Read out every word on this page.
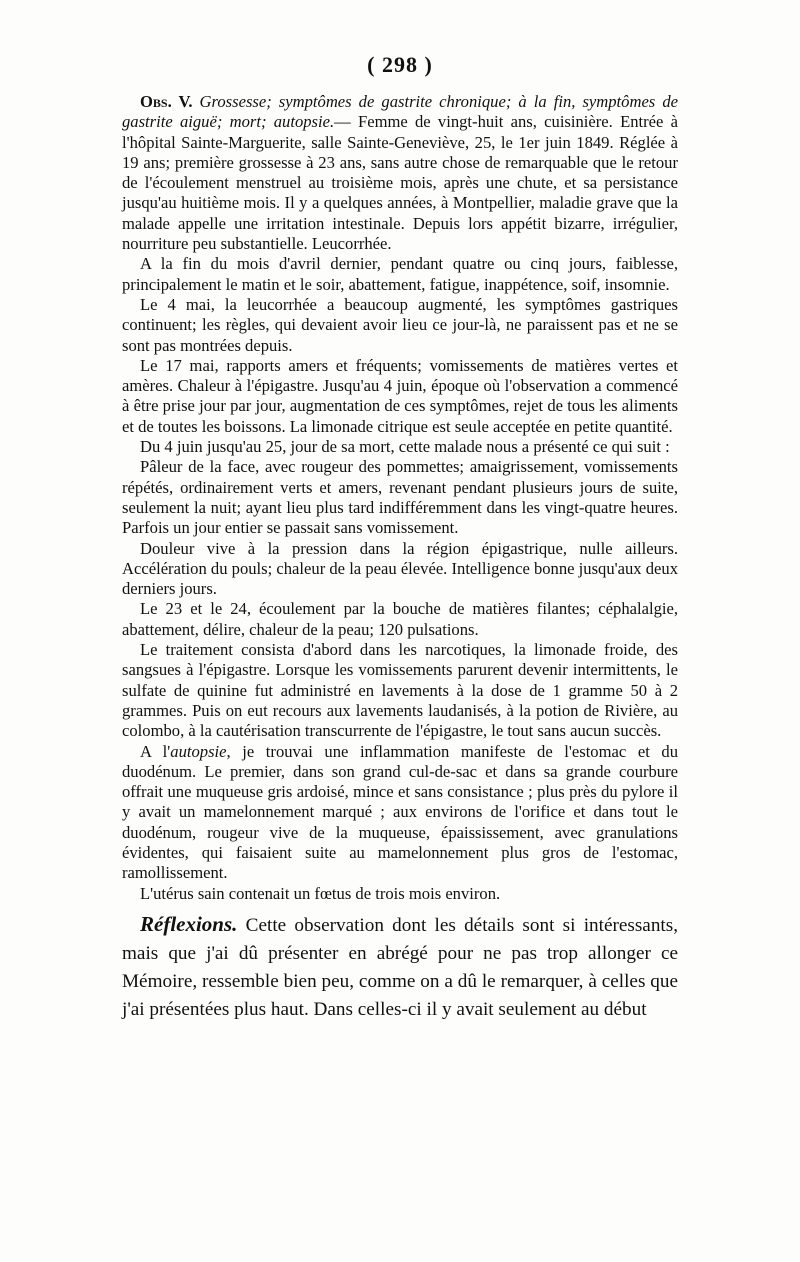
( 298 )

Obs. V. Grossesse; symptômes de gastrite chronique; à la fin, symptômes de gastrite aiguë; mort; autopsie.— Femme de vingt-huit ans, cuisinière. Entrée à l'hôpital Sainte-Marguerite, salle Sainte-Geneviève, 25, le 1er juin 1849. Réglée à 19 ans; première grossesse à 23 ans, sans autre chose de remarquable que le retour de l'écoulement menstruel au troisième mois, après une chute, et sa persistance jusqu'au huitième mois. Il y a quelques années, à Montpellier, maladie grave que la malade appelle une irritation intestinale. Depuis lors appétit bizarre, irrégulier, nourriture peu substantielle. Leucorrhée.

A la fin du mois d'avril dernier, pendant quatre ou cinq jours, faiblesse, principalement le matin et le soir, abattement, fatigue, inappétence, soif, insomnie.

Le 4 mai, la leucorrhée a beaucoup augmenté, les symptômes gastriques continuent; les règles, qui devaient avoir lieu ce jour-là, ne paraissent pas et ne se sont pas montrées depuis.

Le 17 mai, rapports amers et fréquents; vomissements de matières vertes et amères. Chaleur à l'épigastre. Jusqu'au 4 juin, époque où l'observation a commencé à être prise jour par jour, augmentation de ces symptômes, rejet de tous les aliments et de toutes les boissons. La limonade citrique est seule acceptée en petite quantité.

Du 4 juin jusqu'au 25, jour de sa mort, cette malade nous a présenté ce qui suit :

Pâleur de la face, avec rougeur des pommettes; amaigrissement, vomissements répétés, ordinairement verts et amers, revenant pendant plusieurs jours de suite, seulement la nuit; ayant lieu plus tard indifféremment dans les vingt-quatre heures. Parfois un jour entier se passait sans vomissement.

Douleur vive à la pression dans la région épigastrique, nulle ailleurs. Accélération du pouls; chaleur de la peau élevée. Intelligence bonne jusqu'aux deux derniers jours.

Le 23 et le 24, écoulement par la bouche de matières filantes; céphalalgie, abattement, délire, chaleur de la peau; 120 pulsations.

Le traitement consista d'abord dans les narcotiques, la limonade froide, des sangsues à l'épigastre. Lorsque les vomissements parurent devenir intermittents, le sulfate de quinine fut administré en lavements à la dose de 1 gramme 50 à 2 grammes. Puis on eut recours aux lavements laudanisés, à la potion de Rivière, au colombo, à la cautérisation transcurrente de l'épigastre, le tout sans aucun succès.

A l'autopsie, je trouvai une inflammation manifeste de l'estomac et du duodénum. Le premier, dans son grand cul-de-sac et dans sa grande courbure offrait une muqueuse gris ardoisé, mince et sans consistance ; plus près du pylore il y avait un mamelonnement marqué ; aux environs de l'orifice et dans tout le duodénum, rougeur vive de la muqueuse, épaississement, avec granulations évidentes, qui faisaient suite au mamelonnement plus gros de l'estomac, ramollissement.

L'utérus sain contenait un fœtus de trois mois environ.

Réflexions. Cette observation dont les détails sont si intéressants, mais que j'ai dû présenter en abrégé pour ne pas trop allonger ce Mémoire, ressemble bien peu, comme on a dû le remarquer, à celles que j'ai présentées plus haut. Dans celles-ci il y avait seulement au début
